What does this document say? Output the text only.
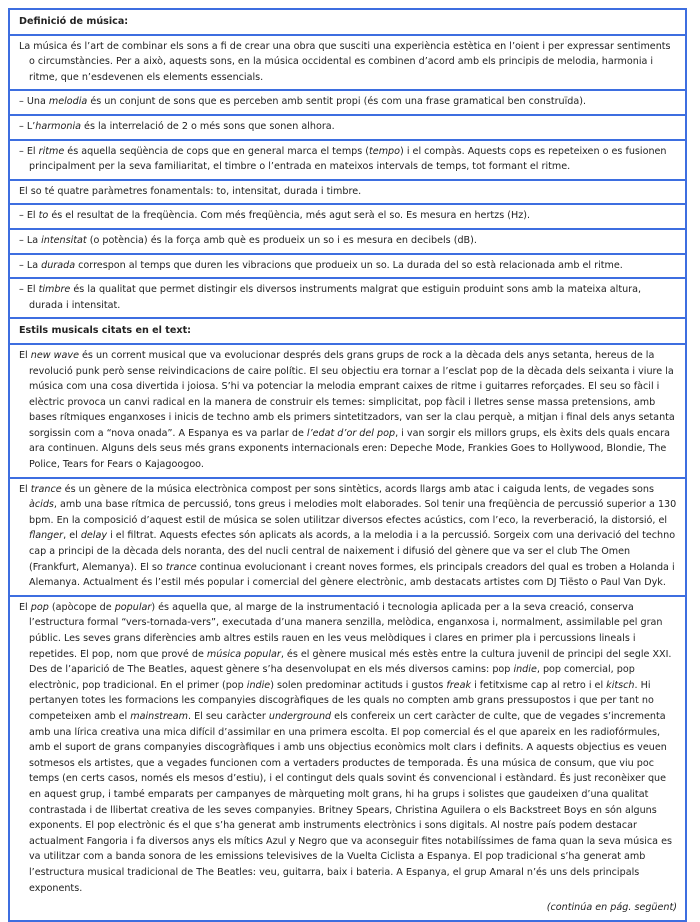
Definició de música:
La música és l’art de combinar els sons a fi de crear una obra que susciti una experiència estètica en l’oient i per expressar sentiments o circumstàncies. Per a això, aquests sons, en la música occidental es combinen d’acord amb els principis de melodia, harmonia i ritme, que n’esdevenen els elements essencials.
– Una melodia és un conjunt de sons que es perceben amb sentit propi (és com una frase gramatical ben construïda).
– L’harmonia és la interrelació de 2 o més sons que sonen alhora.
– El ritme és aquella seqüència de cops que en general marca el temps (tempo) i el compàs. Aquests cops es repeteixen o es fusionen principalment per la seva familiaritat, el timbre o l’entrada en mateixos intervals de temps, tot formant el ritme.
El so té quatre paràmetres fonamentals: to, intensitat, durada i timbre.
– El to és el resultat de la freqüència. Com més freqüència, més agut serà el so. Es mesura en hertzs (Hz).
– La intensitat (o potència) és la força amb què es produeix un so i es mesura en decibels (dB).
– La durada correspon al temps que duren les vibracions que produeix un so. La durada del so està relacionada amb el ritme.
– El timbre és la qualitat que permet distingir els diversos instruments malgrat que estiguin produint sons amb la mateixa altura, durada i intensitat.
Estils musicals citats en el text:
El new wave és un corrent musical que va evolucionar després dels grans grups de rock a la dècada dels anys setanta, hereus de la revolució punk però sense reivindicacions de caire polític. El seu objectiu era tornar a l’esclat pop de la dècada dels seixanta i viure la música com una cosa divertida i joiosa. S’hi va potenciar la melodia emprant caixes de ritme i guitarres reforçades. El seu so fàcil i elèctric provoca un canvi radical en la manera de construir els temes: simplicitat, pop fàcil i lletres sense massa pretensions, amb bases rítmiques enganxoses i inicis de techno amb els primers sintetitzadors, van ser la clau perquè, a mitjan i final dels anys setanta sorgissin com a “nova onada”. A Espanya es va parlar de l’edat d’or del pop, i van sorgir els millors grups, els èxits dels quals encara ara continuen. Alguns dels seus més grans exponents internacionals eren: Depeche Mode, Frankies Goes to Hollywood, Blondie, The Police, Tears for Fears o Kajagoogoo.
El trance és un gènere de la música electrònica compost per sons sintètics, acords llargs amb atac i caiguda lents, de vegades sons àcids, amb una base rítmica de percussió, tons greus i melodies molt elaborades. Sol tenir una freqüència de percussió superior a 130 bpm. En la composició d’aquest estil de música se solen utilitzar diversos efectes acústics, com l’eco, la reverberació, la distorsió, el flanger, el delay i el filtrat. Aquests efectes són aplicats als acords, a la melodia i a la percussió. Sorgeix com una derivació del techno cap a principi de la dècada dels noranta, des del nucli central de naixement i difusió del gènere que va ser el club The Omen (Frankfurt, Alemanya). El so trance continua evolucionant i creant noves formes, els principals creadors del qual es troben a Holanda i Alemanya. Actualment és l’estil més popular i comercial del gènere electrònic, amb destacats artistes com DJ Tiësto o Paul Van Dyk.
El pop (apòcope de popular) és aquella que, al marge de la instrumentació i tecnologia aplicada per a la seva creació, conserva l’estructura formal “vers-tornada-vers”, executada d’una manera senzilla, melòdica, enganxosa i, normalment, assimilable pel gran públic. Les seves grans diferències amb altres estils rauen en les veus melòdiques i clares en primer pla i percussions lineals i repetides. El pop, nom que prové de música popular, és el gènere musical més estès entre la cultura juvenil de principi del segle XXI. Des de l’aparició de The Beatles, aquest gènere s’ha desenvolupat en els més diversos camins: pop indie, pop comercial, pop electrònic, pop tradicional. En el primer (pop indie) solen predominar actituds i gustos freak i fetitxisme cap al retro i el kitsch. Hi pertanyen totes les formacions les companyies discogràfiques de les quals no compten amb grans pressupostos i que per tant no competeixen amb el mainstream. El seu caràcter underground els confereix un cert caràcter de culte, que de vegades s’incrementa amb una lírica creativa una mica difícil d’assimilar en una primera escolta. El pop comercial és el que apareix en les radiofórmules, amb el suport de grans companyies discogràfiques i amb uns objectius econòmics molt clars i definits. A aquests objectius es veuen sotmesos els artistes, que a vegades funcionen com a vertaders productes de temporada. És una música de consum, que viu poc temps (en certs casos, només els mesos d’estiu), i el contingut dels quals sovint és convencional i estàndard. És just reconèixer que en aquest grup, i també emparats per campanyes de màrqueting molt grans, hi ha grups i solistes que gaudeixen d’una qualitat contrastada i de llibertat creativa de les seves companyies. Britney Spears, Christina Aguilera o els Backstreet Boys en són alguns exponents. El pop electrònic és el que s’ha generat amb instruments electrònics i sons digitals. Al nostre país podem destacar actualment Fangoria i fa diversos anys els mítics Azul y Negro que va aconseguir fites notabilíssimes de fama quan la seva música es va utilitzar com a banda sonora de les emissions televisives de la Vuelta Ciclista a Espanya. El pop tradicional s’ha generat amb l’estructura musical tradicional de The Beatles: veu, guitarra, baix i bateria. A Espanya, el grup Amaral n’és uns dels principals exponents.
(continúa en pág. següent)
